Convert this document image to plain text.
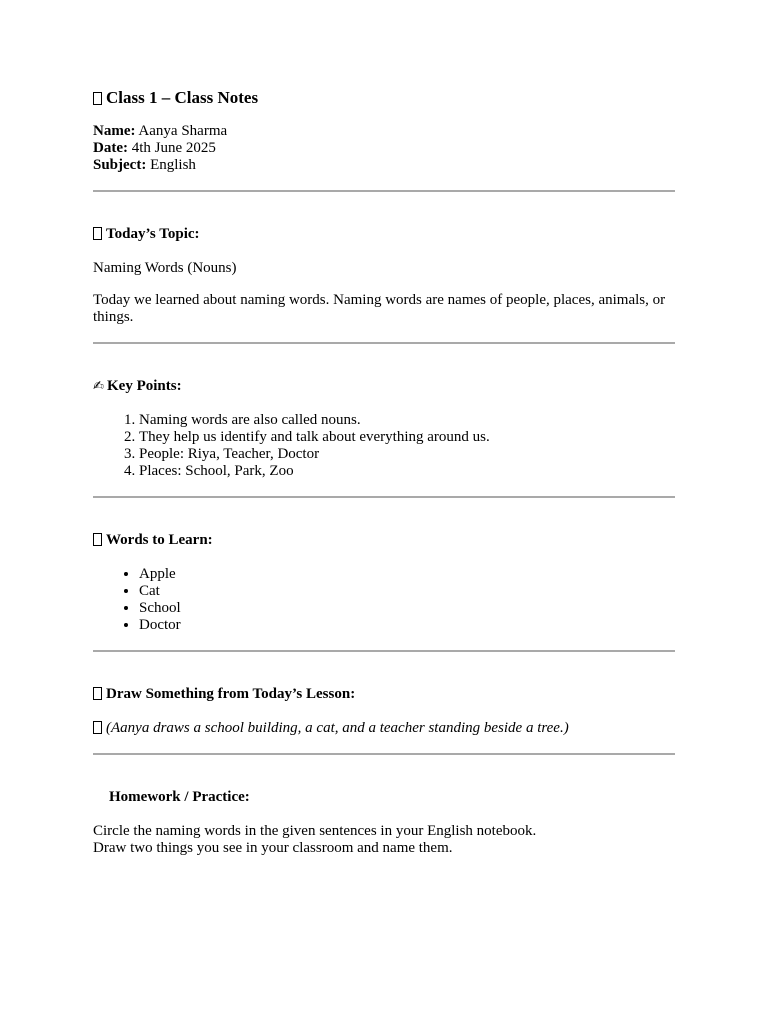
Class 1 – Class Notes

Name: Aanya Sharma

Date: 4th June 2025

Subject: English

Today’s Topic:

Naming Words (Nouns)

Today we learned about naming words. Naming words are names of people, places, animals, or things.

✍ Key Points:
1. Naming words are also called nouns.
2. They help us identify and talk about everything around us.
3. People: Riya, Teacher, Doctor
4. Places: School, Park, Zoo
Words to Learn:
• Apple
• Cat
• School
• Doctor
Draw Something from Today’s Lesson:

(Aanya draws a school building, a cat, and a teacher standing beside a tree.)

Homework / Practice:

Circle the naming words in the given sentences in your English notebook.

Draw two things you see in your classroom and name them.
